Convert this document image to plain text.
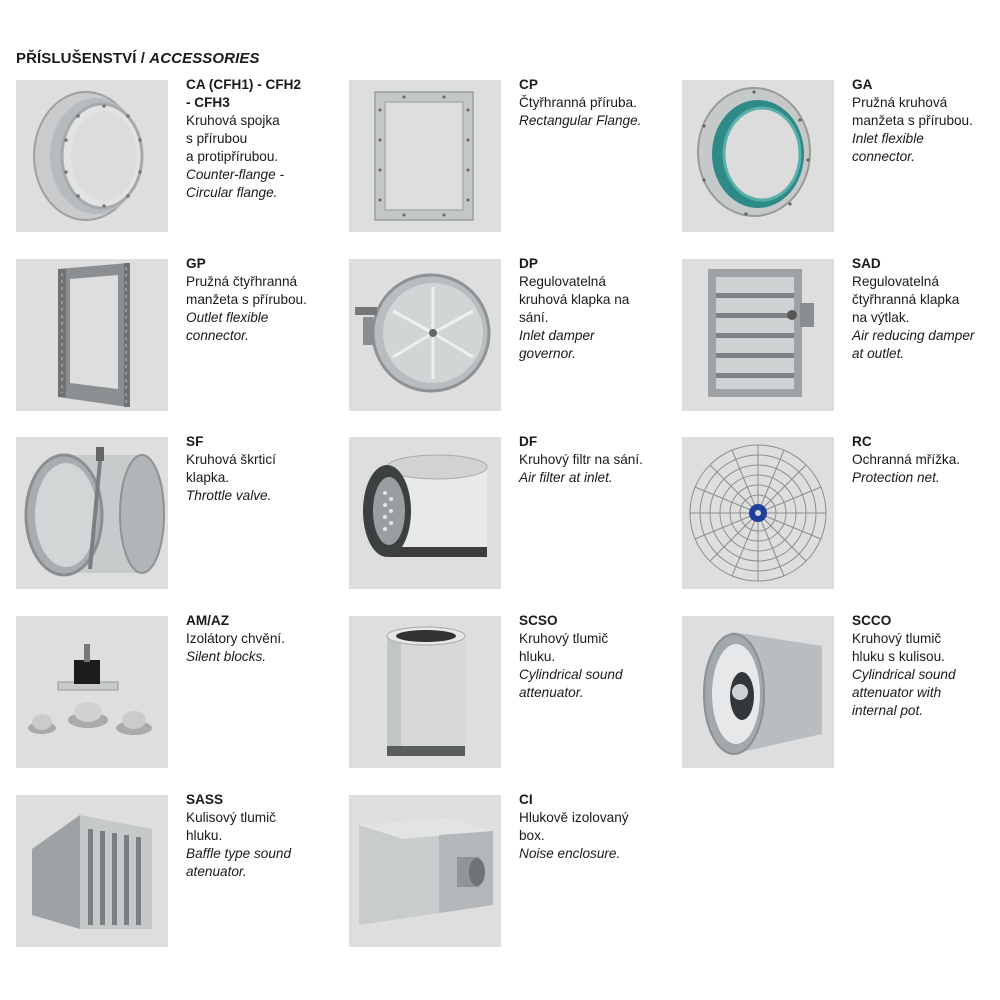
PŘÍSLUŠENSTVÍ / ACCESSORIES
CA (CFH1) - CFH2
- CFH3
Kruhová spojka
s přírubou
a protipřírubou.
Counter-flange -
Circular flange.
CP
Čtyřhranná příruba.
Rectangular Flange.
GA
Pružná kruhová
manžeta s přírubou.
Inlet flexible
connector.
GP
Pružná čtyřhranná
manžeta s přírubou.
Outlet flexible
connector.
DP
Regulovatelná
kruhová klapka na
sání.
Inlet damper
governor.
SAD
Regulovatelná
čtyřhranná klapka
na výtlak.
Air reducing damper
at outlet.
SF
Kruhová škrticí
klapka.
Throttle valve.
DF
Kruhový filtr na sání.
Air filter at inlet.
RC
Ochranná mřížka.
Protection net.
AM/AZ
Izolátory chvění.
Silent blocks.
SCSO
Kruhový tlumič
hluku.
Cylindrical sound
attenuator.
SCCO
Kruhový tlumič
hluku s kulisou.
Cylindrical sound
attenuator with
internal pot.
SASS
Kulisový tlumič
hluku.
Baffle type sound
atenuator.
CI
Hlukově izolovaný
box.
Noise enclosure.
